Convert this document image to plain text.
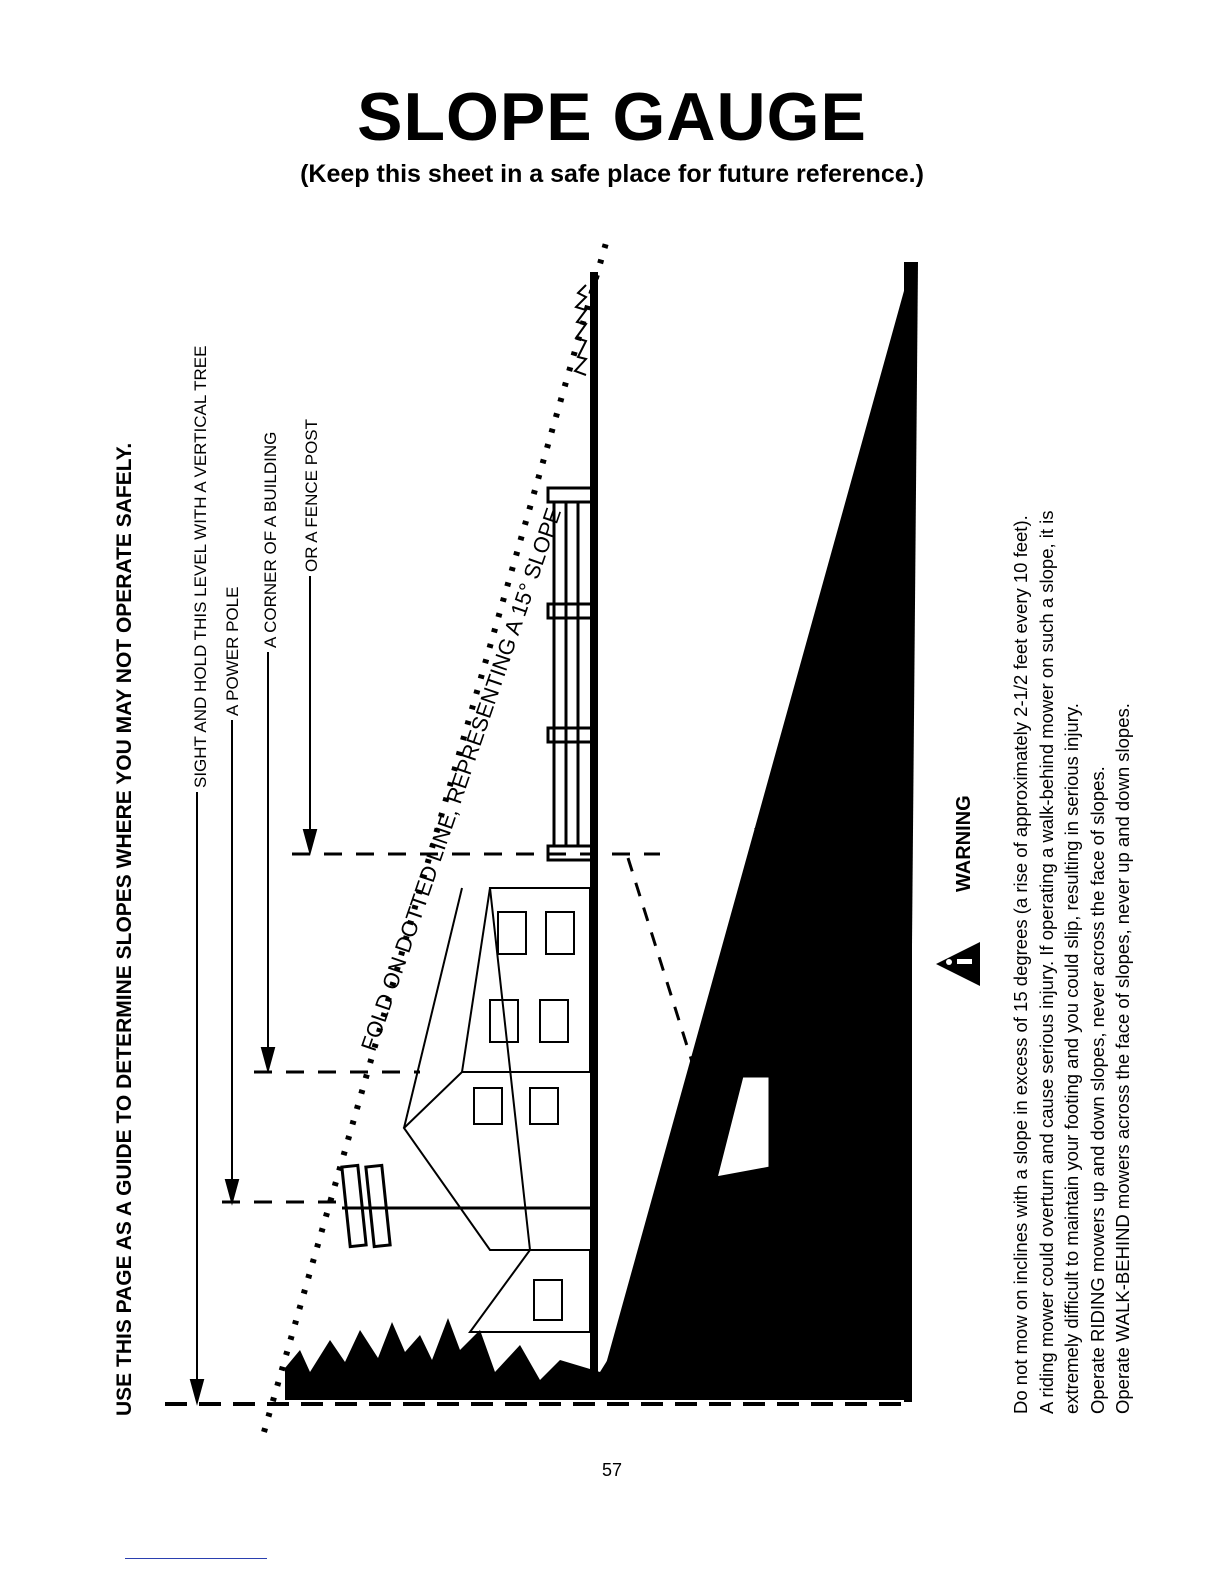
SLOPE GAUGE

(Keep this sheet in a safe place for future reference.)

USE THIS PAGE AS A GUIDE TO DETERMINE SLOPES WHERE YOU MAY NOT OPERATE SAFELY.	SIGHT AND HOLD THIS LEVEL WITH A VERTICAL TREE A POWER POLE
A CORNER OF A BUILDING OR A FENCE POST
FOLD ON DOTTED LINE, REPRESENTING A 15° SLOPE	15°	WARNING Do not mow on inclines with a slope in excess of 15 degrees (a rise of approximately 2-1/2 feet every 10 feet). A riding mower could overturn and cause serious injury. If operating a walk-behind mower on such a slope, it is extremely difficult to maintain your footing and you could slip, resulting in serious injury. Operate RIDING mowers up and down slopes, never across the face of slopes. Operate WALK-BEHIND mowers across the face of slopes, never up and down slopes.
57
